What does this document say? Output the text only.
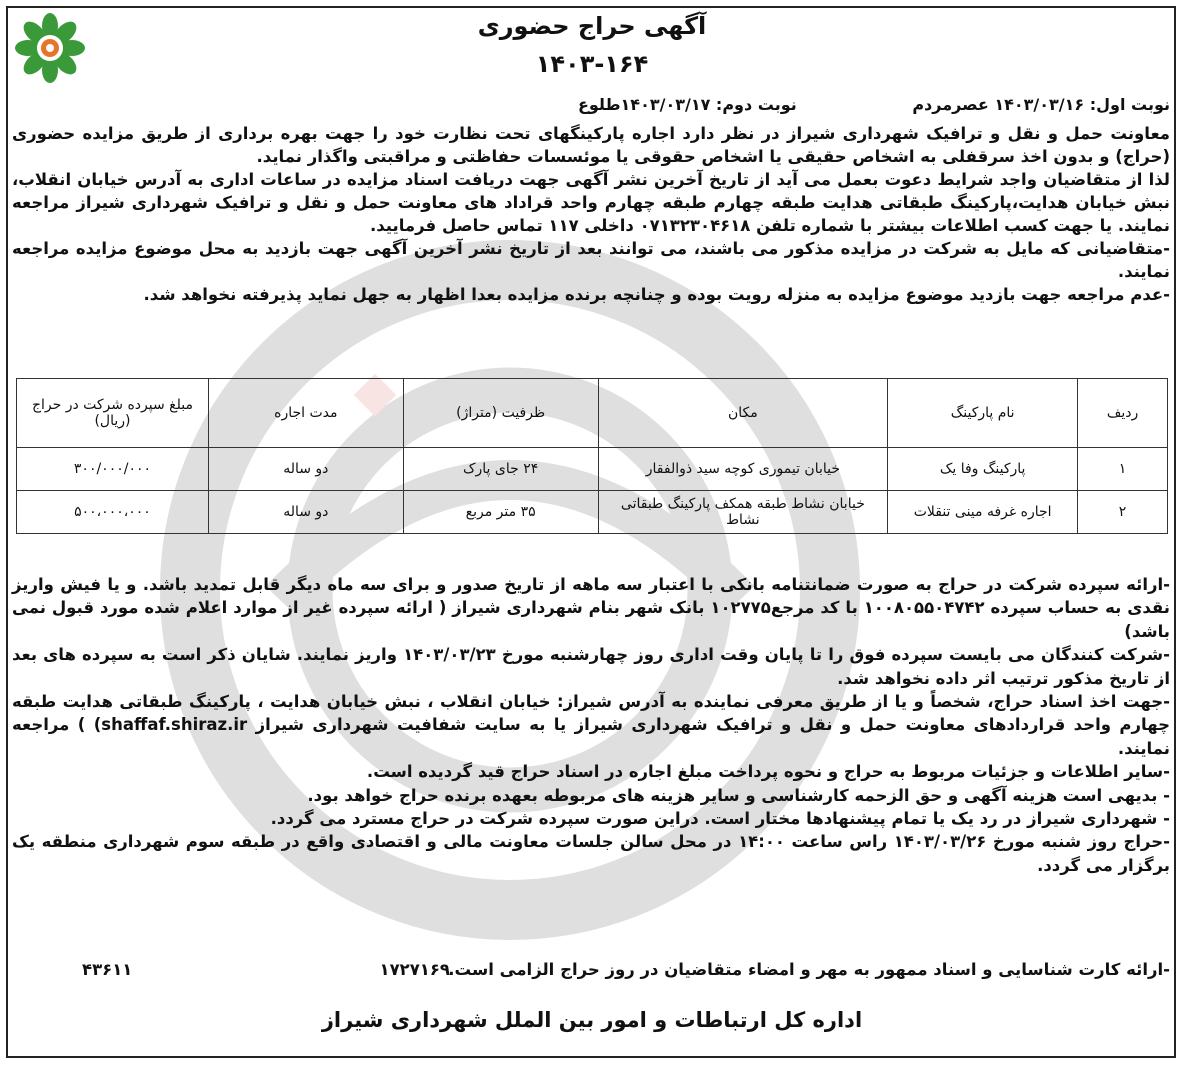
آگهی حراج حضوری
۱۴۰۳-۱۶۴
نوبت اول: ۱۴۰۳/۰۳/۱۶ عصرمردم نوبت دوم: ۱۴۰۳/۰۳/۱۷طلوع

معاونت حمل و نقل و ترافیک شهرداری شیراز در نظر دارد اجاره پارکینگهای تحت نظارت خود را جهت بهره برداری از طریق مزایده حضوری (حراج) و بدون اخذ سرقفلی به اشخاص حقیقی یا اشخاص حقوقی یا موئسسات حفاظتی و مراقبتی واگذار نماید.

لذا از متقاضیان واجد شرایط دعوت بعمل می آید از تاریخ آخرین نشر آگهی جهت دریافت اسناد مزایده در ساعات اداری به آدرس خیابان انقلاب، نبش خیابان هدایت،پارکینگ طبقاتی هدایت طبقه چهارم طبقه چهارم واحد قراداد های معاونت حمل و نقل و ترافیک شهرداری شیراز مراجعه نمایند. یا جهت کسب اطلاعات بیشتر با شماره تلفن ۰۷۱۳۲۳۰۴۶۱۸ داخلی ۱۱۷ تماس حاصل فرمایید.

-متقاضیانی که مایل به شرکت در مزایده مذکور می باشند، می توانند بعد از تاریخ نشر آخرین آگهی جهت بازدید به محل موضوع مزایده مراجعه نمایند.

-عدم مراجعه جهت بازدید موضوع مزایده به منزله رویت بوده و چنانچه برنده مزایده بعدا اظهار به جهل نماید پذیرفته نخواهد شد.

ردیف	نام پارکینگ	مکان	ظرفیت (متراژ)	مدت اجاره	مبلغ سپرده شرکت در حراج (ریال)
۱	پارکینگ وفا یک	خیابان تیموری کوچه سید ذوالفقار	۲۴ جای پارک	دو ساله	۳۰۰/۰۰۰/۰۰۰
۲	اجاره غرفه مینی تنقلات	خیابان نشاط طبقه همکف پارکینگ طبقاتی نشاط	۳۵ متر مربع	دو ساله	۵۰۰،۰۰۰،۰۰۰

-ارائه سپرده شرکت در حراج به صورت ضمانتنامه بانکی با اعتبار سه ماهه از تاریخ صدور و برای سه ماه دیگر قابل تمدید باشد. و یا فیش واریز نقدی به حساب سپرده ۱۰۰۸۰۵۵۰۴۷۴۲ با کد مرجع۱۰۲۷۷۵ بانک شهر بنام شهرداری شیراز ( ارائه سپرده غیر از موارد اعلام شده مورد قبول نمی باشد)

-شرکت کنندگان می بایست سپرده فوق را تا پایان وقت اداری روز چهارشنبه مورخ ۱۴۰۳/۰۳/۲۳ واریز نمایند. شایان ذکر است به سپرده های بعد از تاریخ مذکور ترتیب اثر داده نخواهد شد.

-جهت اخذ اسناد حراج، شخصاً و یا از طریق معرفی نماینده به آدرس شیراز: خیابان انقلاب ، نبش خیابان هدایت ، پارکینگ طبقاتی هدایت طبقه چهارم واحد قراردادهای معاونت حمل و نقل و ترافیک شهرداری شیراز یا به سایت شفافیت شهرداری شیراز shaffaf.shiraz.ir) ) مراجعه نمایند.

-سایر اطلاعات و جزئیات مربوط به حراج و نحوه پرداخت مبلغ اجاره در اسناد حراج قید گردیده است.

- بدیهی است هزینه آگهی و حق الزحمه کارشناسی و سایر هزینه های مربوطه بعهده برنده حراج خواهد بود.

- شهرداری شیراز در رد یک یا تمام پیشنهادها مختار است. دراین صورت سپرده شرکت در حراج مسترد می گردد.

-حراج روز شنبه مورخ ۱۴۰۳/۰۳/۲۶ راس ساعت ۱۴:۰۰ در محل سالن جلسات معاونت مالی و اقتصادی واقع در طبقه سوم شهرداری منطقه یک برگزار می گردد.

-ارائه کارت شناسایی و اسناد ممهور به مهر و امضاء متقاضیان در روز حراج الزامی است.
۱۷۲۷۱۶۹
۴۳۶۱۱
اداره کل ارتباطات و امور بین الملل شهرداری شیراز
